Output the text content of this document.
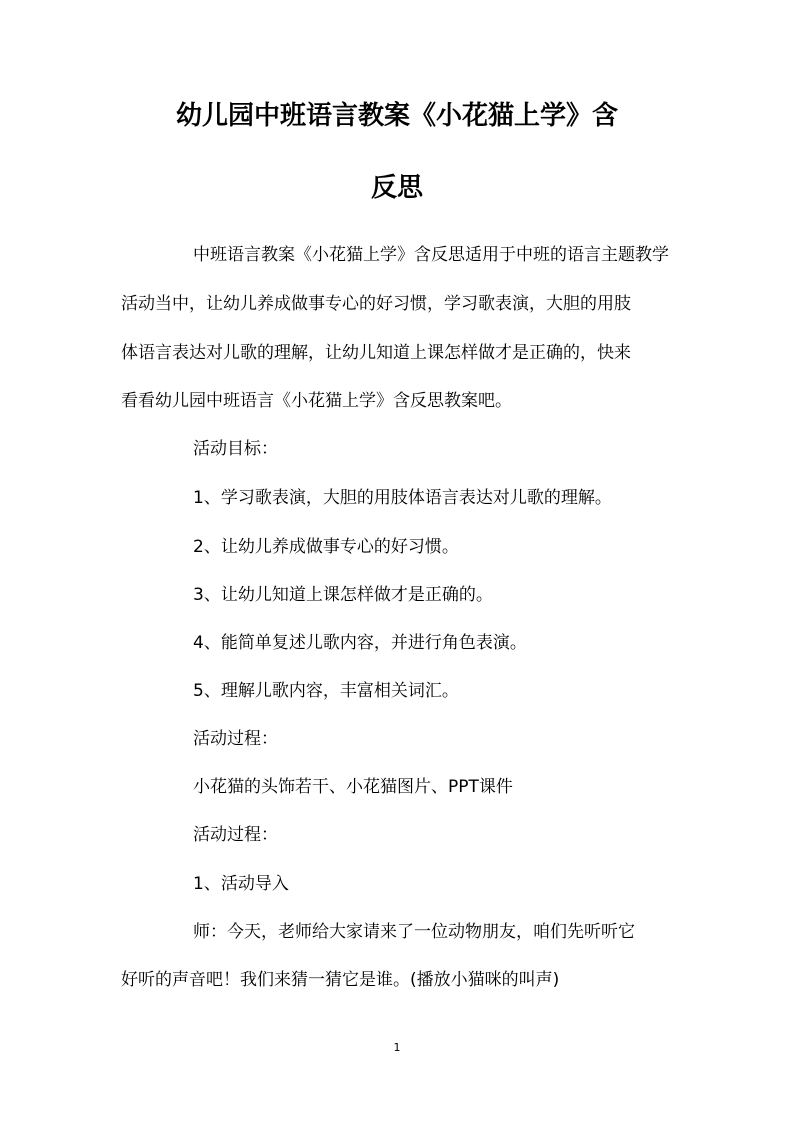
幼儿园中班语言教案《小花猫上学》含
反思
中班语言教案《小花猫上学》含反思适用于中班的语言主题教学
活动当中，让幼儿养成做事专心的好习惯，学习歌表演，大胆的用肢
体语言表达对儿歌的理解，让幼儿知道上课怎样做才是正确的，快来
看看幼儿园中班语言《小花猫上学》含反思教案吧。
活动目标：
1、学习歌表演，大胆的用肢体语言表达对儿歌的理解。
2、让幼儿养成做事专心的好习惯。
3、让幼儿知道上课怎样做才是正确的。
4、能简单复述儿歌内容，并进行角色表演。
5、理解儿歌内容，丰富相关词汇。
活动过程：
小花猫的头饰若干、小花猫图片、PPT课件
活动过程：
1、活动导入
师：今天，老师给大家请来了一位动物朋友，咱们先听听它
好听的声音吧！我们来猜一猜它是谁。(播放小猫咪的叫声)
1
